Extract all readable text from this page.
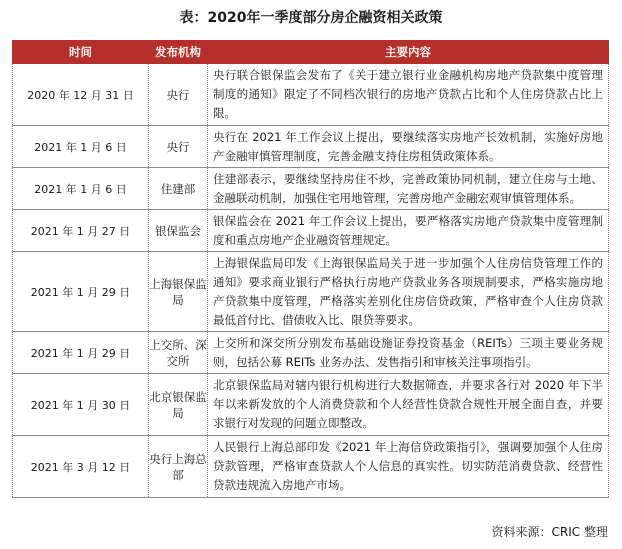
表：2020年一季度部分房企融资相关政策
时间	发布机构	主要内容
2020 年 12 月 31 日	央行	央行联合银保监会发布了《关于建立银行业金融机构房地产贷款集中度管理制度的通知》限定了不同档次银行的房地产贷款占比和个人住房贷款占比上限。
2021 年 1 月 6 日	央行	央行在 2021 年工作会议上提出，要继续落实房地产长效机制，实施好房地产金融审慎管理制度，完善金融支持住房租赁政策体系。
2021 年 1 月 6 日	住建部	住建部表示，要继续坚持房住不炒，完善政策协同机制，建立住房与土地、金融联动机制，加强住宅用地管理，完善房地产金融宏观审慎管理体系。
2021 年 1 月 27 日	银保监会	银保监会在 2021 年工作会议上提出，要严格落实房地产贷款集中度管理制度和重点房地产企业融资管理规定。
2021 年 1 月 29 日	上海银保监局	上海银保监局印发《上海银保监局关于进一步加强个人住房信贷管理工作的通知》要求商业银行严格执行房地产贷款业务各项规制要求，严格实施房地产贷款集中度管理，严格落实差别化住房信贷政策，严格审查个人住房贷款最低首付比、借债收入比、限贷等要求。
2021 年 1 月 29 日	上交所、深交所	上交所和深交所分别发布基础设施证券投资基金（REITs）三项主要业务规则，包括公募 REITs 业务办法、发售指引和审核关注事项指引。
2021 年 1 月 30 日	北京银保监局	北京银保监局对辖内银行机构进行大数据筛查，并要求各行对 2020 年下半年以来新发放的个人消费贷款和个人经营性贷款合规性开展全面自查，并要求银行对发现的问题立即整改。
2021 年 3 月 12 日	央行上海总部	人民银行上海总部印发《2021 年上海信贷政策指引》，强调要加强个人住房贷款管理，严格审查贷款人个人信息的真实性。切实防范消费贷款、经营性贷款违规流入房地产市场。
资料来源：CRIC 整理
